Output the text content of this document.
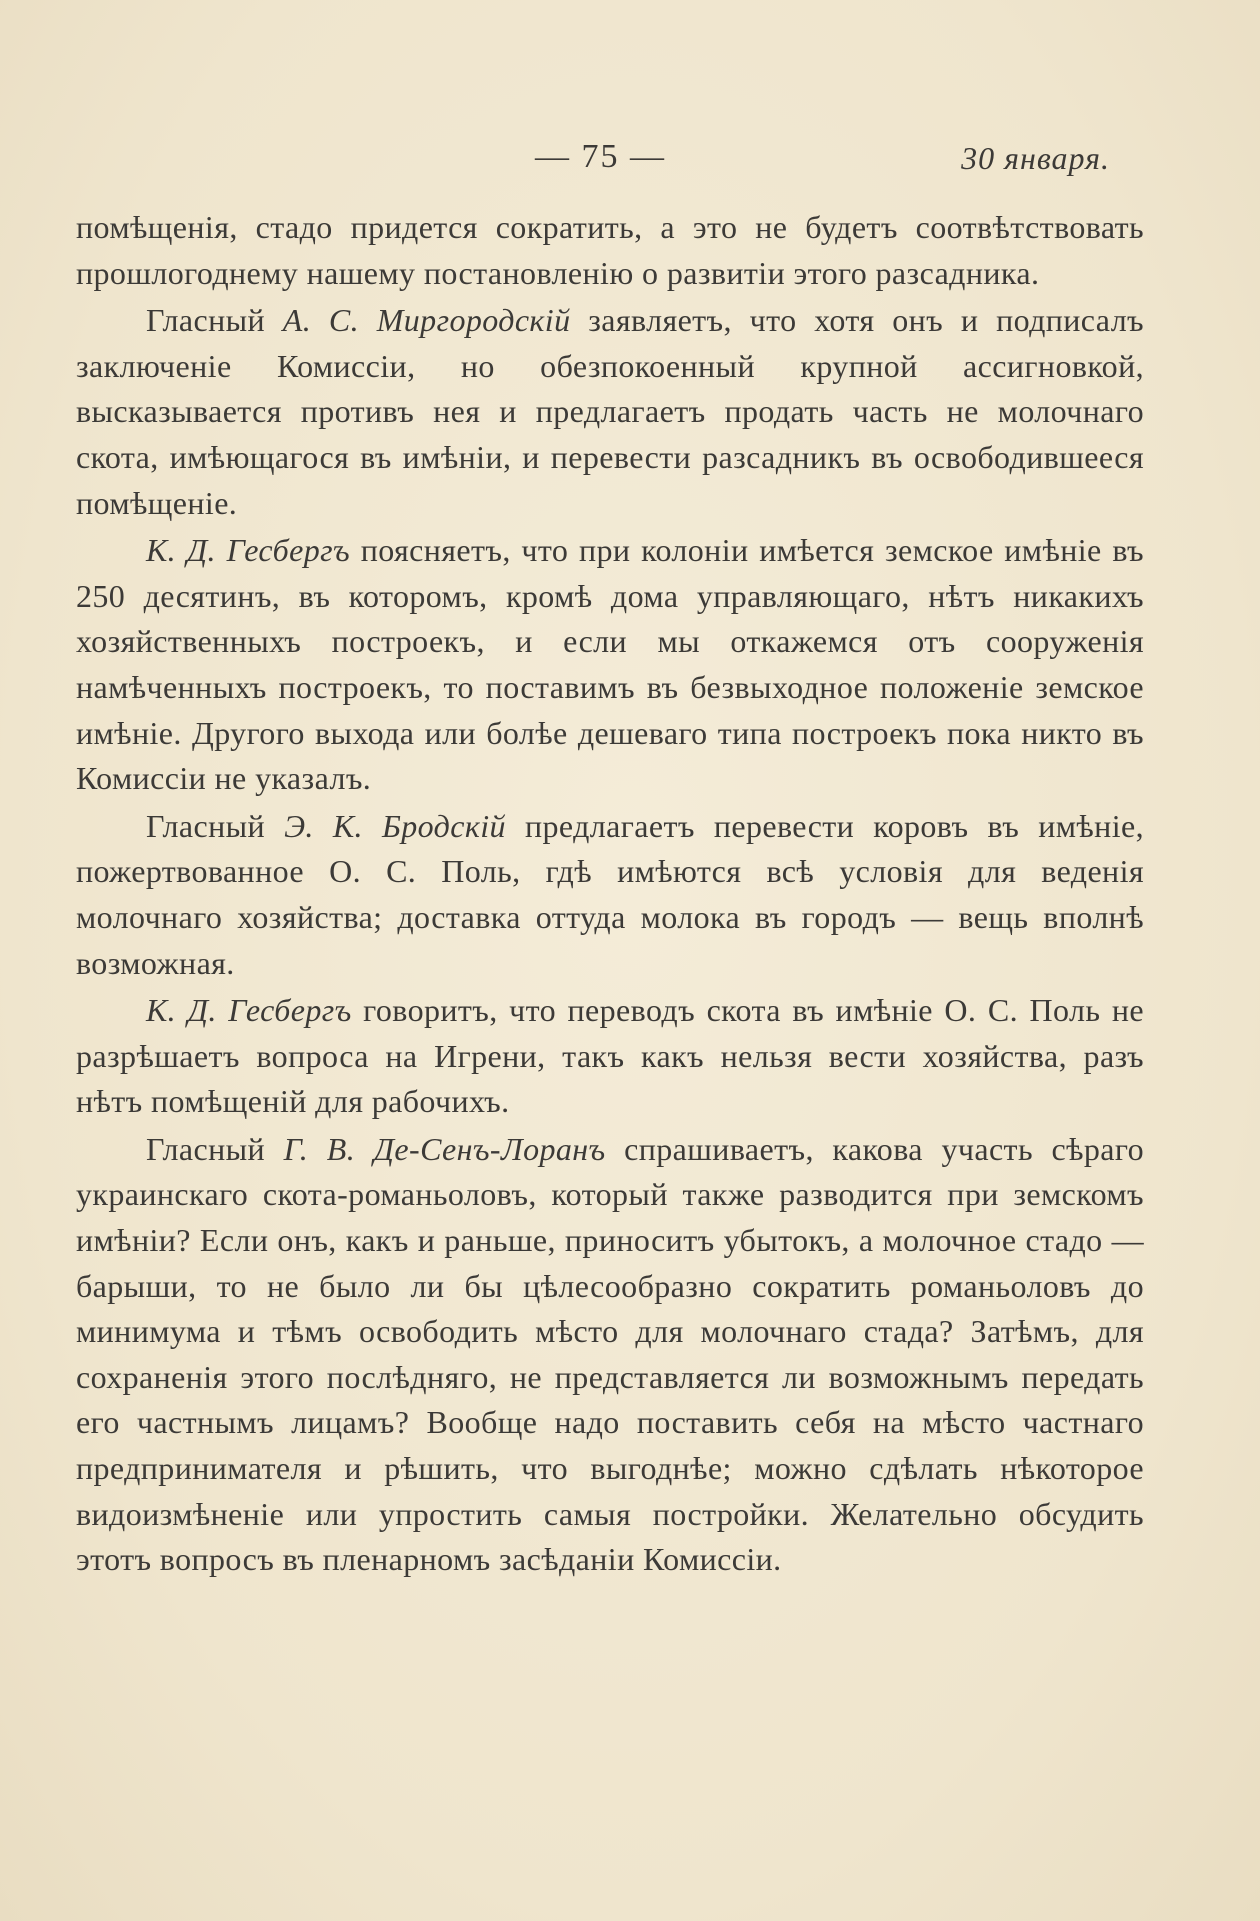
— 75 —	30 января.

помѣщенія, стадо придется сократить, а это не будетъ соотвѣтствовать прошлогоднему нашему постановленію о развитіи этого разсадника.

Гласный А. С. Миргородскій заявляетъ, что хотя онъ и подписалъ заключеніе Комиссіи, но обезпокоенный крупной ассигновкой, высказывается противъ нея и предлагаетъ продать часть не молочнаго скота, имѣющагося въ имѣніи, и перевести разсадникъ въ освободившееся помѣщеніе.

К. Д. Гесбергъ поясняетъ, что при колоніи имѣется земское имѣніе въ 250 десятинъ, въ которомъ, кромѣ дома управляющаго, нѣтъ никакихъ хозяйственныхъ построекъ, и если мы откажемся отъ сооруженія намѣченныхъ построекъ, то поставимъ въ безвыходное положеніе земское имѣніе. Другого выхода или болѣе дешеваго типа построекъ пока никто въ Комиссіи не указалъ.

Гласный Э. К. Бродскій предлагаетъ перевести коровъ въ имѣніе, пожертвованное О. С. Поль, гдѣ имѣются всѣ условія для веденія молочнаго хозяйства; доставка оттуда молока въ городъ — вещь вполнѣ возможная.

К. Д. Гесбергъ говоритъ, что переводъ скота въ имѣніе О. С. Поль не разрѣшаетъ вопроса на Игрени, такъ какъ нельзя вести хозяйства, разъ нѣтъ помѣщеній для рабочихъ.

Гласный Г. В. Де-Сенъ-Лоранъ спрашиваетъ, какова участь сѣраго украинскаго скота-романьоловъ, который также разводится при земскомъ имѣніи? Если онъ, какъ и раньше, приноситъ убытокъ, а молочное стадо — барыши, то не было ли бы цѣлесообразно сократить романьоловъ до минимума и тѣмъ освободить мѣсто для молочнаго стада? Затѣмъ, для сохраненія этого послѣдняго, не представляется ли возможнымъ передать его частнымъ лицамъ? Вообще надо поставить себя на мѣсто частнаго предпринимателя и рѣшить, что выгоднѣе; можно сдѣлать нѣкоторое видоизмѣненіе или упростить самыя постройки. Желательно обсудить этотъ вопросъ въ пленарномъ засѣданіи Комиссіи.
